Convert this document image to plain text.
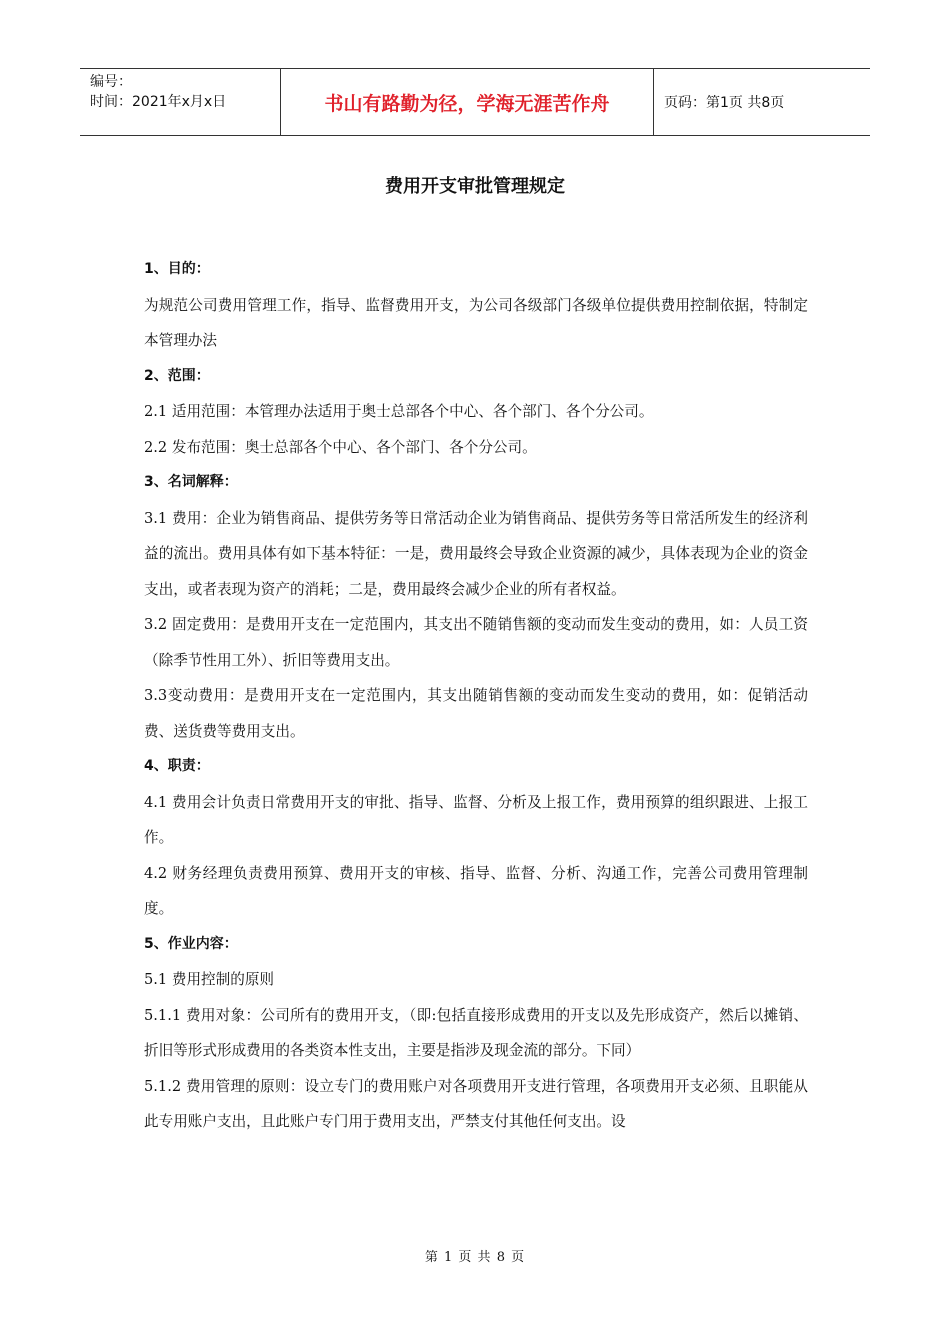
编号：
时间：2021年x月x日	书山有路勤为径，学海无涯苦作舟	页码：第1页 共8页
费用开支审批管理规定

1、目的：

为规范公司费用管理工作，指导、监督费用开支，为公司各级部门各级单位提供费用控制依据，特制定本管理办法

2、范围：

2.1 适用范围：本管理办法适用于奥士总部各个中心、各个部门、各个分公司。

2.2 发布范围：奥士总部各个中心、各个部门、各个分公司。

3、名词解释：

3.1 费用：企业为销售商品、提供劳务等日常活动企业为销售商品、提供劳务等日常活所发生的经济利益的流出。费用具体有如下基本特征：一是，费用最终会导致企业资源的减少，具体表现为企业的资金支出，或者表现为资产的消耗；二是，费用最终会减少企业的所有者权益。

3.2 固定费用：是费用开支在一定范围内，其支出不随销售额的变动而发生变动的费用，如：人员工资（除季节性用工外）、折旧等费用支出。

3.3变动费用：是费用开支在一定范围内，其支出随销售额的变动而发生变动的费用，如：促销活动费、送货费等费用支出。

4、职责：

4.1 费用会计负责日常费用开支的审批、指导、监督、分析及上报工作，费用预算的组织跟进、上报工作。

4.2 财务经理负责费用预算、费用开支的审核、指导、监督、分析、沟通工作，完善公司费用管理制度。

5、作业内容：

5.1 费用控制的原则

5.1.1 费用对象：公司所有的费用开支，（即:包括直接形成费用的开支以及先形成资产，然后以摊销、折旧等形式形成费用的各类资本性支出，主要是指涉及现金流的部分。下同）

5.1.2 费用管理的原则：设立专门的费用账户对各项费用开支进行管理，各项费用开支必须、且职能从此专用账户支出，且此账户专门用于费用支出，严禁支付其他任何支出。设

第 1 页 共 8 页
